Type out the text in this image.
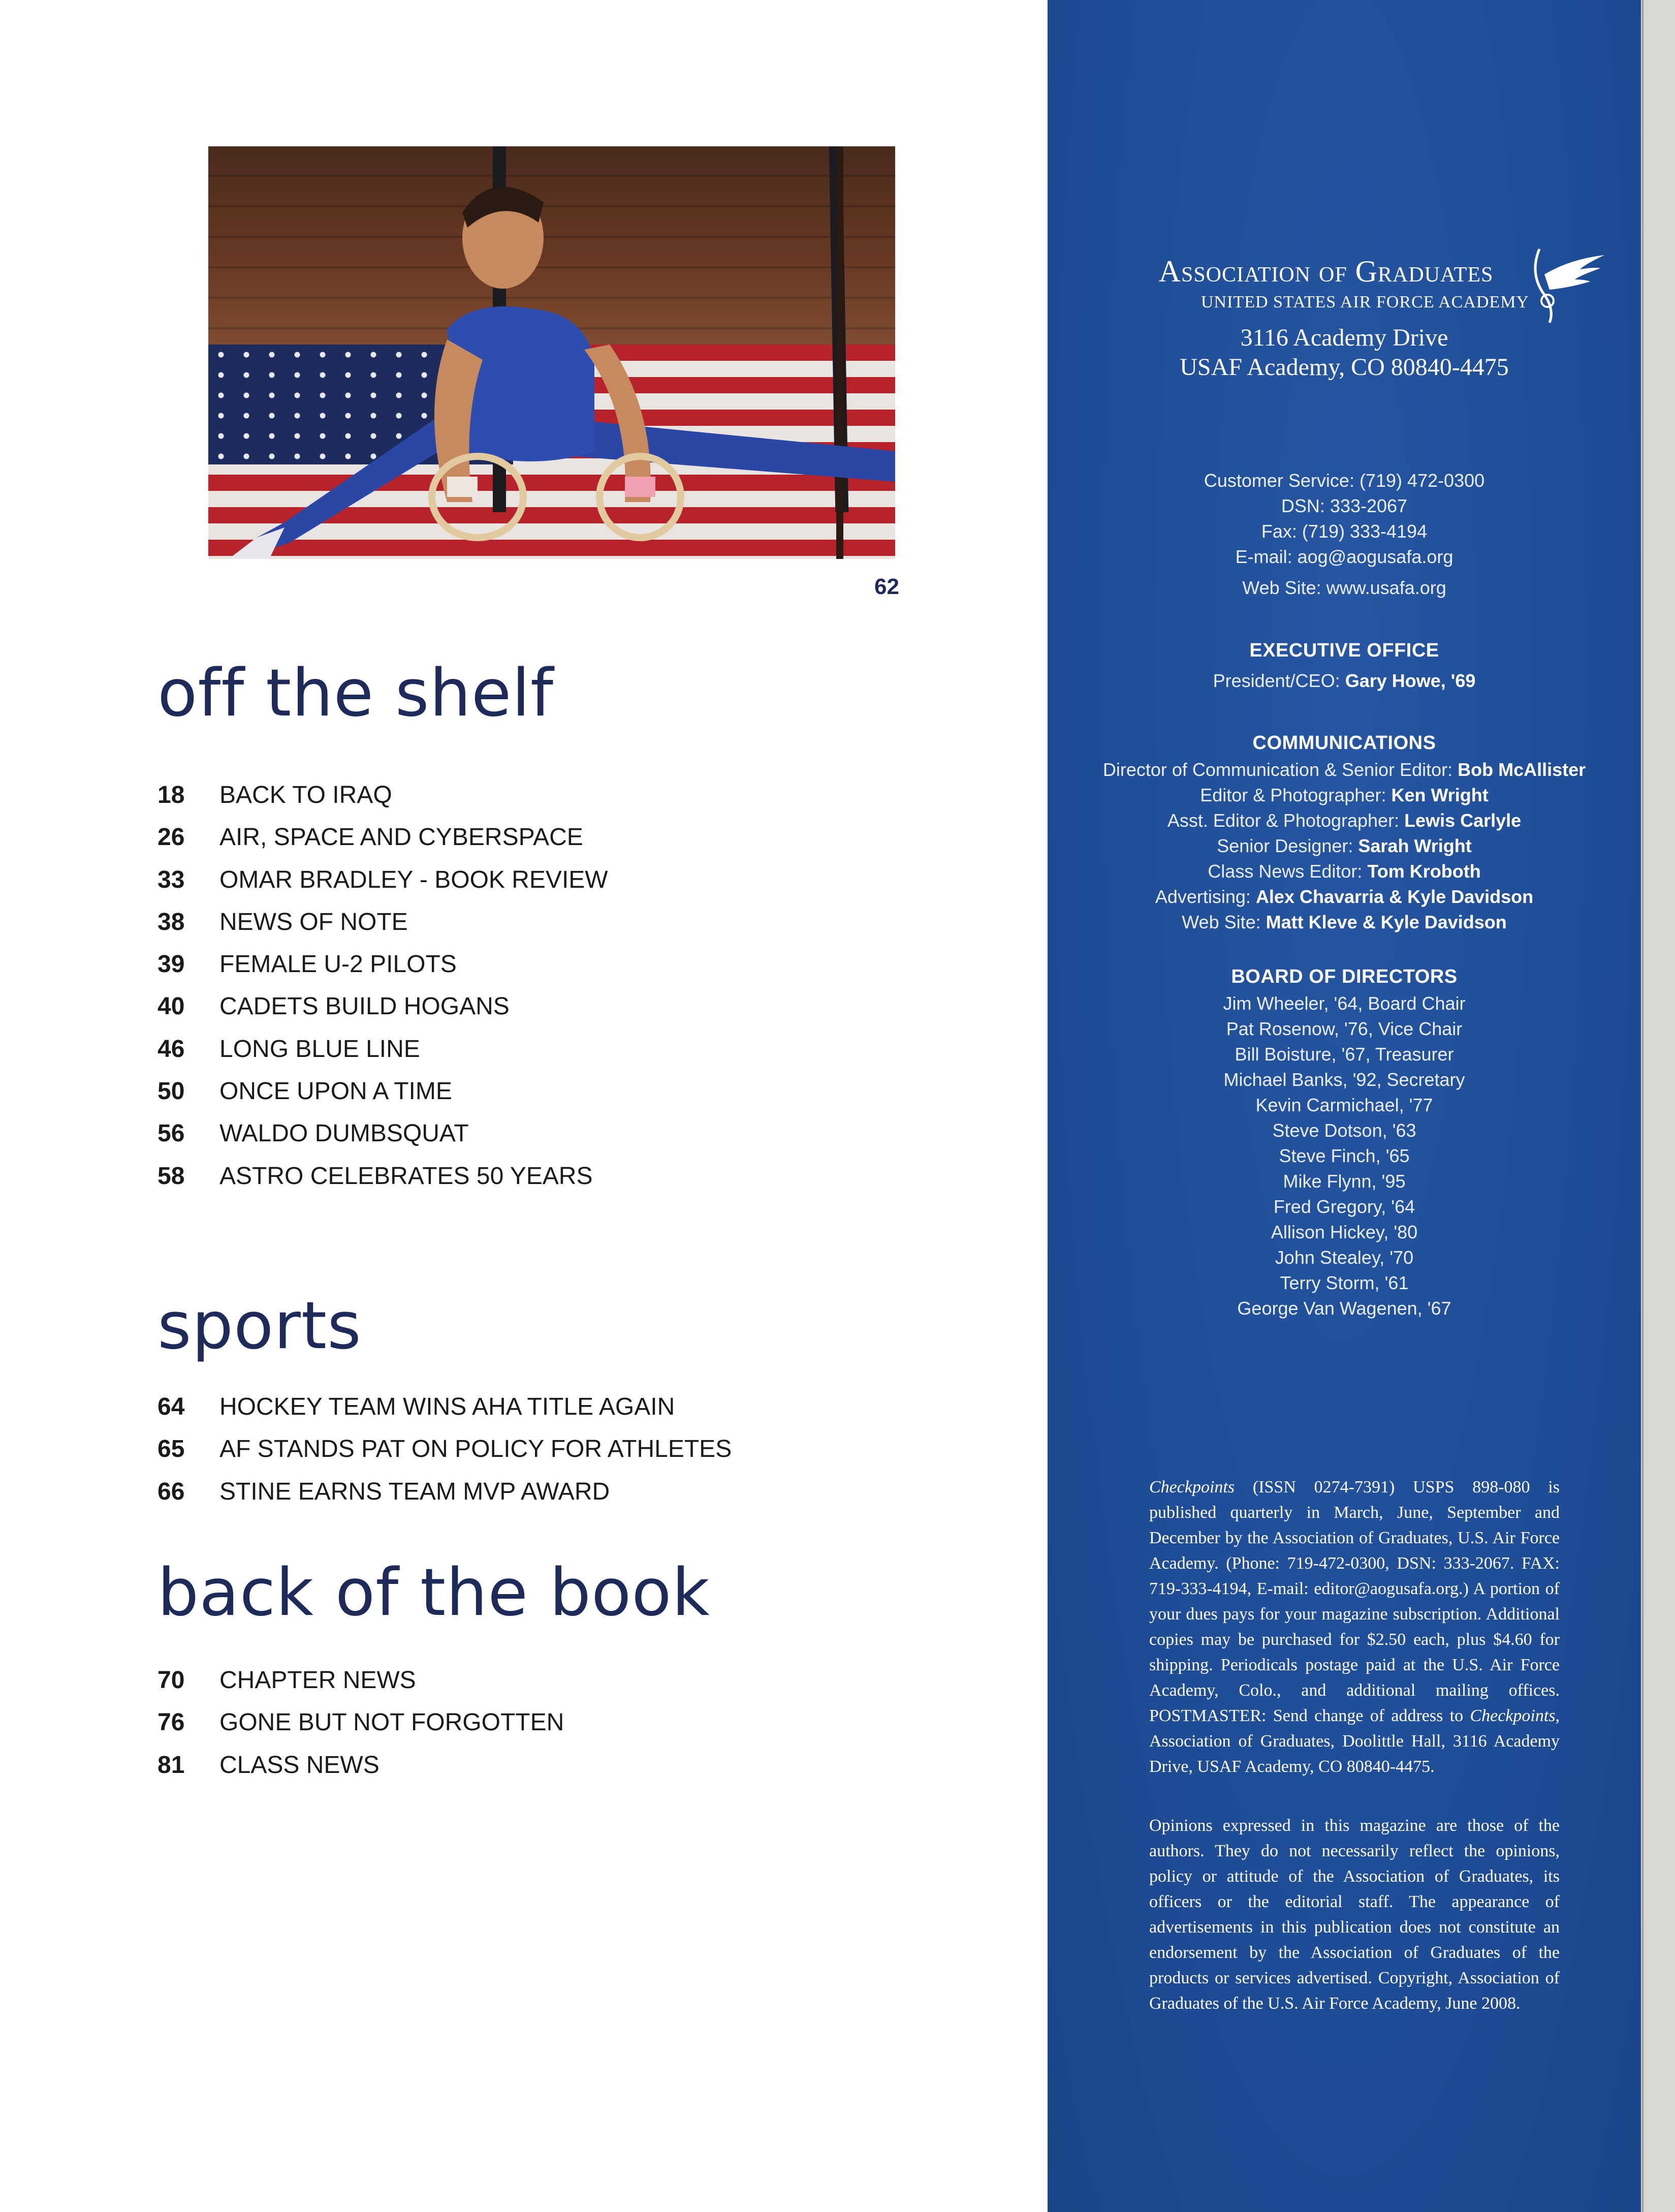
62
off the shelf
18 BACK TO IRAQ
26 AIR, SPACE AND CYBERSPACE
33 OMAR BRADLEY - BOOK REVIEW
38 NEWS OF NOTE
39 FEMALE U-2 PILOTS
40 CADETS BUILD HOGANS
46 LONG BLUE LINE
50 ONCE UPON A TIME
56 WALDO DUMBSQUAT
58 ASTRO CELEBRATES 50 YEARS
sports
64 HOCKEY TEAM WINS AHA TITLE AGAIN
65 AF STANDS PAT ON POLICY FOR ATHLETES
66 STINE EARNS TEAM MVP AWARD
back of the book
70 CHAPTER NEWS
76 GONE BUT NOT FORGOTTEN
81 CLASS NEWS
Association of Graduates
UNITED STATES AIR FORCE ACADEMY
3116 Academy Drive
USAF Academy, CO 80840-4475
Customer Service: (719) 472-0300
DSN: 333-2067
Fax: (719) 333-4194
E-mail: aog@aogusafa.org
Web Site: www.usafa.org
EXECUTIVE OFFICE
President/CEO: Gary Howe, '69
COMMUNICATIONS
Director of Communication & Senior Editor: Bob McAllister
Editor & Photographer: Ken Wright
Asst. Editor & Photographer: Lewis Carlyle
Senior Designer: Sarah Wright
Class News Editor: Tom Kroboth
Advertising: Alex Chavarria & Kyle Davidson
Web Site: Matt Kleve & Kyle Davidson
BOARD OF DIRECTORS
Jim Wheeler, '64, Board Chair
Pat Rosenow, '76, Vice Chair
Bill Boisture, '67, Treasurer
Michael Banks, '92, Secretary
Kevin Carmichael, '77
Steve Dotson, '63
Steve Finch, '65
Mike Flynn, '95
Fred Gregory, '64
Allison Hickey, '80
John Stealey, '70
Terry Storm, '61
George Van Wagenen, '67

Checkpoints (ISSN 0274-7391) USPS 898-080 is published quarterly in March, June, September and December by the Association of Graduates, U.S. Air Force Academy. (Phone: 719-472-0300, DSN: 333-2067. FAX: 719-333-4194, E-mail: editor@aogusafa.org.) A portion of your dues pays for your magazine subscription. Additional copies may be purchased for $2.50 each, plus $4.60 for shipping. Periodicals postage paid at the U.S. Air Force Academy, Colo., and additional mailing offices. POSTMASTER: Send change of address to Checkpoints, Association of Graduates, Doolittle Hall, 3116 Academy Drive, USAF Academy, CO 80840-4475.

Opinions expressed in this magazine are those of the authors. They do not necessarily reflect the opinions, policy or attitude of the Association of Graduates, its officers or the editorial staff. The appearance of advertisements in this publication does not constitute an endorsement by the Association of Graduates of the products or services advertised. Copyright, Association of Graduates of the U.S. Air Force Academy, June 2008.
